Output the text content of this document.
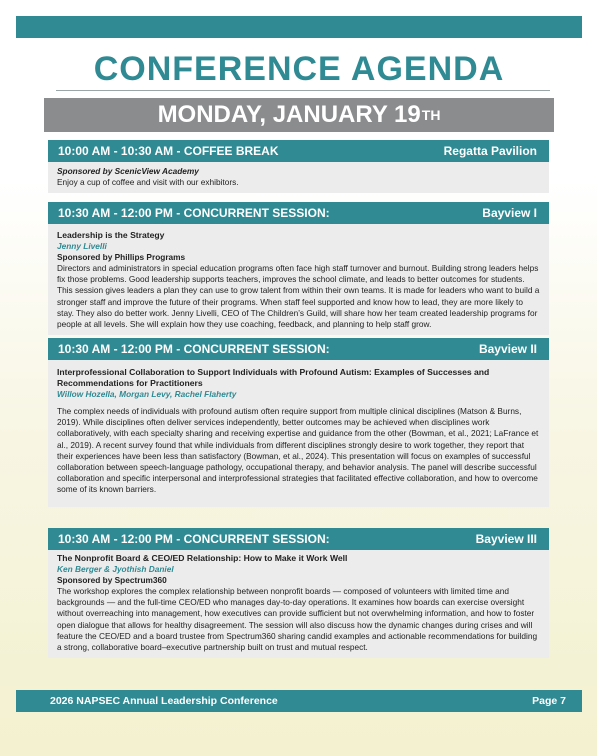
CONFERENCE AGENDA
MONDAY, JANUARY 19 TH
10:00 AM - 10:30 AM - COFFEE BREAK	Regatta Pavilion
Sponsored by ScenicView Academy
Enjoy a cup of coffee and visit with our exhibitors.
10:30 AM - 12:00 PM - CONCURRENT SESSION:	Bayview I
Leadership is the Strategy
Jenny Livelli
Sponsored by Phillips Programs

Directors and administrators in special education programs often face high staff turnover and burnout. Building strong leaders helps fix those problems. Good leadership supports teachers, improves the school climate, and leads to better outcomes for students. This session gives leaders a plan they can use to grow talent from within their own teams. It is made for leaders who want to build a stronger staff and improve the future of their programs. When staff feel supported and know how to lead, they are more likely to stay. They also do better work. Jenny Livelli, CEO of The Children’s Guild, will share how her team created leadership programs for people at all levels. She will explain how they use coaching, feedback, and planning to help staff grow.

10:30 AM - 12:00 PM - CONCURRENT SESSION:	Bayview II
Interprofessional Collaboration to Support Individuals with Profound Autism: Examples of Successes and Recommendations for Practitioners
Willow Hozella, Morgan Levy, Rachel Flaherty

The complex needs of individuals with profound autism often require support from multiple clinical disciplines (Matson & Burns, 2019). While disciplines often deliver services independently, better outcomes may be achieved when disciplines work collaboratively, with each specialty sharing and receiving expertise and guidance from the other (Bowman, et al., 2021; LaFrance et al., 2019). A recent survey found that while individuals from different disciplines strongly desire to work together, they report that their experiences have been less than satisfactory (Bowman, et al., 2024). This presentation will focus on examples of successful collaboration between speech-language pathology, occupational therapy, and behavior analysis. The panel will describe successful collaboration and specific interpersonal and interprofessional strategies that facilitated effective collaboration, and how to overcome some of its known barriers.

10:30 AM - 12:00 PM - CONCURRENT SESSION:	Bayview III
The Nonprofit Board & CEO/ED Relationship: How to Make it Work Well
Ken Berger & Jyothish Daniel
Sponsored by Spectrum360

The workshop explores the complex relationship between nonprofit boards — composed of volunteers with limited time and backgrounds — and the full-time CEO/ED who manages day-to-day operations. It examines how boards can exercise oversight without overreaching into management, how executives can provide sufficient but not overwhelming information, and how to foster open dialogue that allows for healthy disagreement. The session will also discuss how the dynamic changes during crises and will feature the CEO/ED and a board trustee from Spectrum360 sharing candid examples and actionable recommendations for building a strong, collaborative board–executive partnership built on trust and mutual respect.

2026 NAPSEC Annual Leadership Conference	Page 7
